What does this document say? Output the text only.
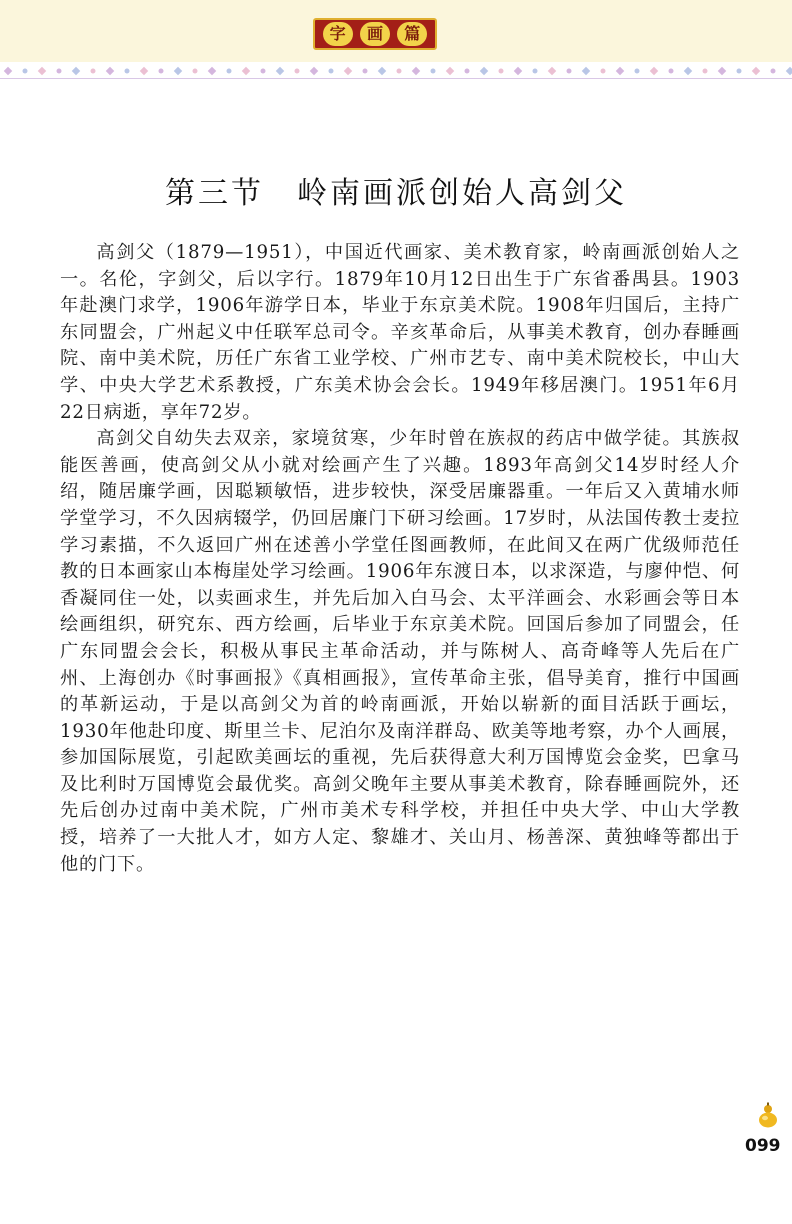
字	画	篇
第三节　岭南画派创始人高剑父

高剑父（1879—1951），中国近代画家、美术教育家，岭南画派创始人之一。名伦，字剑父，后以字行。1879年10月12日出生于广东省番禺县。1903年赴澳门求学，1906年游学日本，毕业于东京美术院。1908年归国后，主持广东同盟会，广州起义中任联军总司令。辛亥革命后，从事美术教育，创办春睡画院、南中美术院，历任广东省工业学校、广州市艺专、南中美术院校长，中山大学、中央大学艺术系教授，广东美术协会会长。1949年移居澳门。1951年6月22日病逝，享年72岁。

高剑父自幼失去双亲，家境贫寒，少年时曾在族叔的药店中做学徒。其族叔能医善画，使高剑父从小就对绘画产生了兴趣。1893年高剑父14岁时经人介绍，随居廉学画，因聪颖敏悟，进步较快，深受居廉器重。一年后又入黄埔水师学堂学习，不久因病辍学，仍回居廉门下研习绘画。17岁时，从法国传教士麦拉学习素描，不久返回广州在述善小学堂任图画教师，在此间又在两广优级师范任教的日本画家山本梅崖处学习绘画。1906年东渡日本，以求深造，与廖仲恺、何香凝同住一处，以卖画求生，并先后加入白马会、太平洋画会、水彩画会等日本绘画组织，研究东、西方绘画，后毕业于东京美术院。回国后参加了同盟会，任广东同盟会会长，积极从事民主革命活动，并与陈树人、高奇峰等人先后在广州、上海创办《时事画报》《真相画报》，宣传革命主张，倡导美育，推行中国画的革新运动，于是以高剑父为首的岭南画派，开始以崭新的面目活跃于画坛，1930年他赴印度、斯里兰卡、尼泊尔及南洋群岛、欧美等地考察，办个人画展，参加国际展览，引起欧美画坛的重视，先后获得意大利万国博览会金奖，巴拿马及比利时万国博览会最优奖。高剑父晚年主要从事美术教育，除春睡画院外，还先后创办过南中美术院，广州市美术专科学校，并担任中央大学、中山大学教授，培养了一大批人才，如方人定、黎雄才、关山月、杨善深、黄独峰等都出于他的门下。

099
